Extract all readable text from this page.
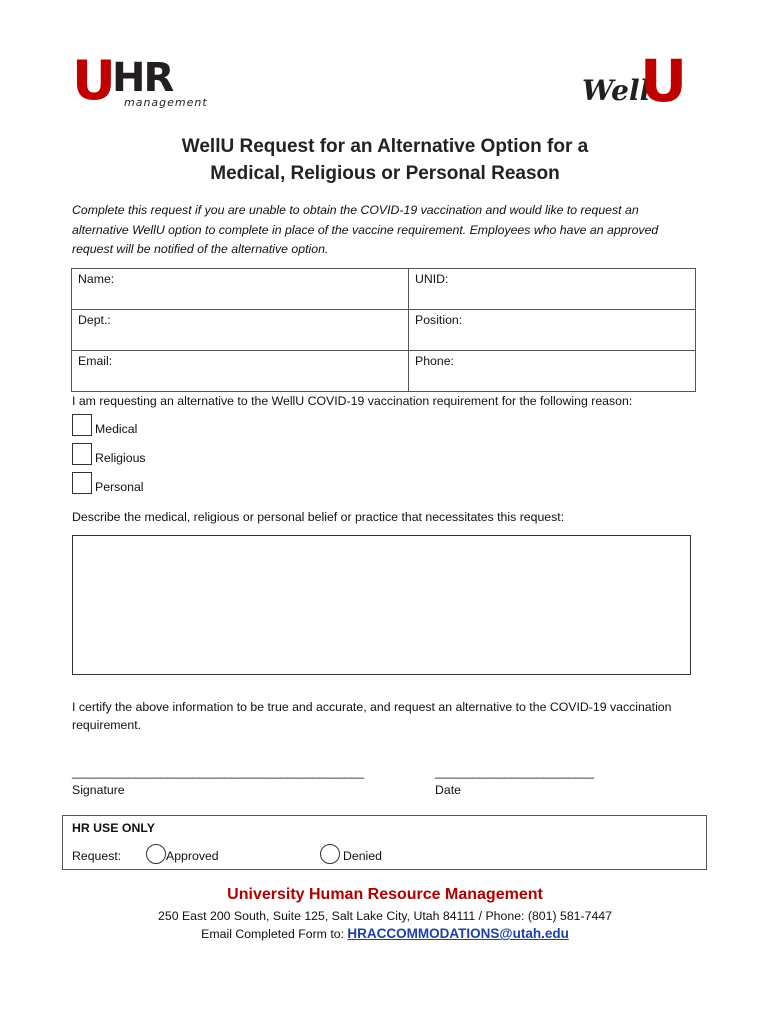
U
HR
management	Well
U
WellU Request for an Alternative Option for a
Medical, Religious or Personal Reason
Complete this request if you are unable to obtain the COVID-19 vaccination and would like to request an alternative WellU option to complete in place of the vaccine requirement. Employees who have an approved request will be notified of the alternative option.
Name:	UNID:
Dept.:	Position:
Email:	Phone:
I am requesting an alternative to the WellU COVID-19 vaccination requirement for the following reason:
Medical
Religious
Personal
Describe the medical, religious or personal belief or practice that necessitates this request:
I certify the above information to be true and accurate, and request an alternative to the COVID-19 vaccination requirement.
______________________________________________
Signature
_________________________
Date
HR USE ONLY
Request:	Approved	Denied
University Human Resource Management
250 East 200 South, Suite 125, Salt Lake City, Utah 84111 / Phone: (801) 581-7447
Email Completed Form to: HRACCOMMODATIONS@utah.edu
